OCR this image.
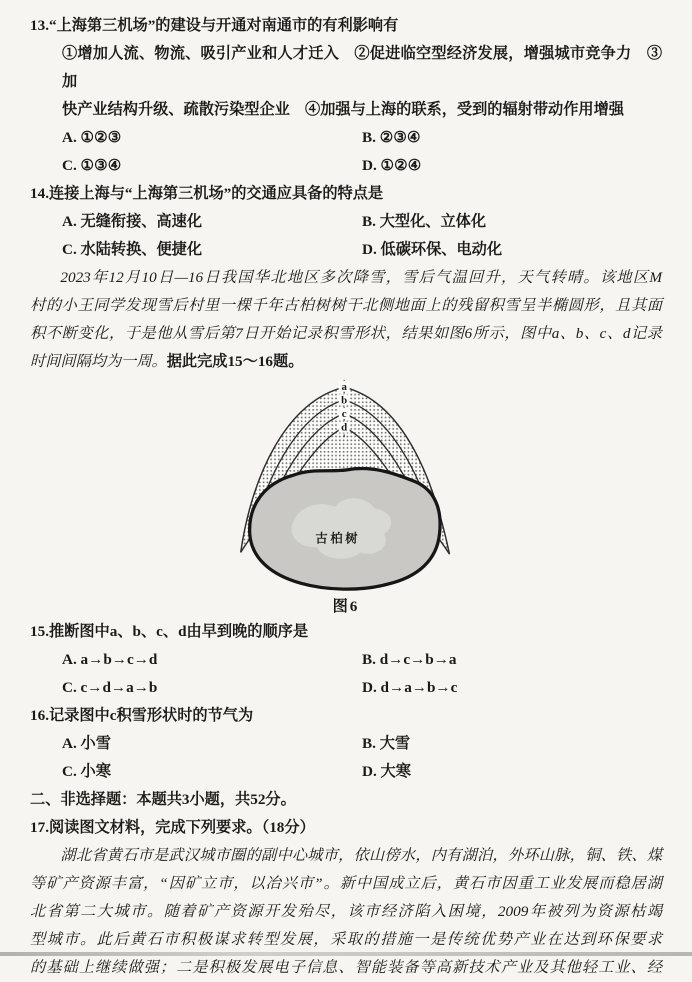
13.“上海第三机场”的建设与开通对南通市的有利影响有
①增加人流、物流、吸引产业和人才迁入　②促进临空型经济发展，增强城市竞争力　③加
快产业结构升级、疏散污染型企业　④加强与上海的联系，受到的辐射带动作用增强
A. ①②③	B. ②③④
C. ①③④	D. ①②④
14.连接上海与“上海第三机场”的交通应具备的特点是
A. 无缝衔接、高速化	B. 大型化、立体化
C. 水陆转换、便捷化	D. 低碳环保、电动化
2023年12月10日—16日我国华北地区多次降雪，雪后气温回升，天气转晴。该地区M
村的小王同学发现雪后村里一棵千年古柏树树干北侧地面上的残留积雪呈半椭圆形，且其面
积不断变化，于是他从雪后第7日开始记录积雪形状，结果如图6所示，图中a、b、c、d记录
时间间隔均为一周。据此完成15～16题。
a
b
c
d
古柏树
图6
15.推断图中a、b、c、d由早到晚的顺序是
A. a→b→c→d	B. d→c→b→a
C. c→d→a→b	D. d→a→b→c
16.记录图中c积雪形状时的节气为
A. 小雪	B. 大雪
C. 小寒	D. 大寒
二、非选择题：本题共3小题，共52分。
17.阅读图文材料，完成下列要求。（18分）
湖北省黄石市是武汉城市圈的副中心城市，依山傍水，内有湖泊，外环山脉，铜、铁、煤
等矿产资源丰富，“因矿立市，以冶兴市”。新中国成立后，黄石市因重工业发展而稳居湖
北省第二大城市。随着矿产资源开发殆尽，该市经济陷入困境，2009年被列为资源枯竭
型城市。此后黄石市积极谋求转型发展，采取的措施一是传统优势产业在达到环保要求
的基础上继续做强；二是积极发展电子信息、智能装备等高新技术产业及其他轻工业、经
